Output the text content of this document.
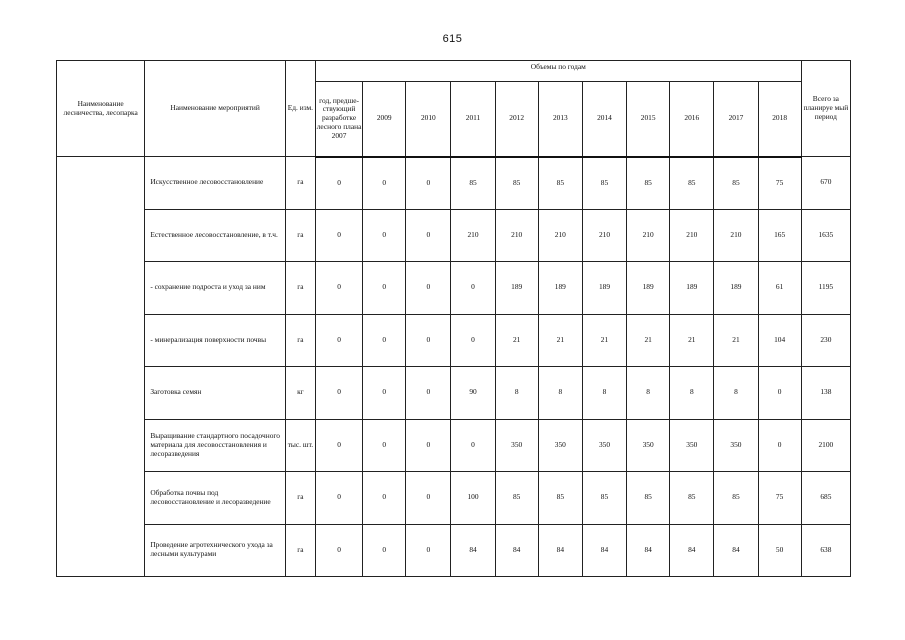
615
Наименование лесничества, лесопарка	Наименование мероприятий	Ед. изм.	Объемы по годам											Всего за планируе мый период
			год, предше- ствующий разработке лесного плана 2007	2009	2010	2011	2012	2013	2014	2015	2016	2017	2018	
	Искусственное лесовосстановление	га	0	0	0	85	85	85	85	85	85	85	75	670
	Естественное лесовосстановление, в т.ч.	га	0	0	0	210	210	210	210	210	210	210	165	1635
	- сохранение подроста и уход за ним	га	0	0	0	0	189	189	189	189	189	189	61	1195
	- минерализация поверхности почвы	га	0	0	0	0	21	21	21	21	21	21	104	230
	Заготовка семян	кг	0	0	0	90	8	8	8	8	8	8	0	138
	Выращивание стандартного посадочного материала для лесовосстановления и лесоразведения	тыс. шт.	0	0	0	0	350	350	350	350	350	350	0	2100
	Обработка почвы под лесовосстановление и лесоразведение	га	0	0	0	100	85	85	85	85	85	85	75	685
	Проведение агротехнического ухода за лесными культурами	га	0	0	0	84	84	84	84	84	84	84	50	638
